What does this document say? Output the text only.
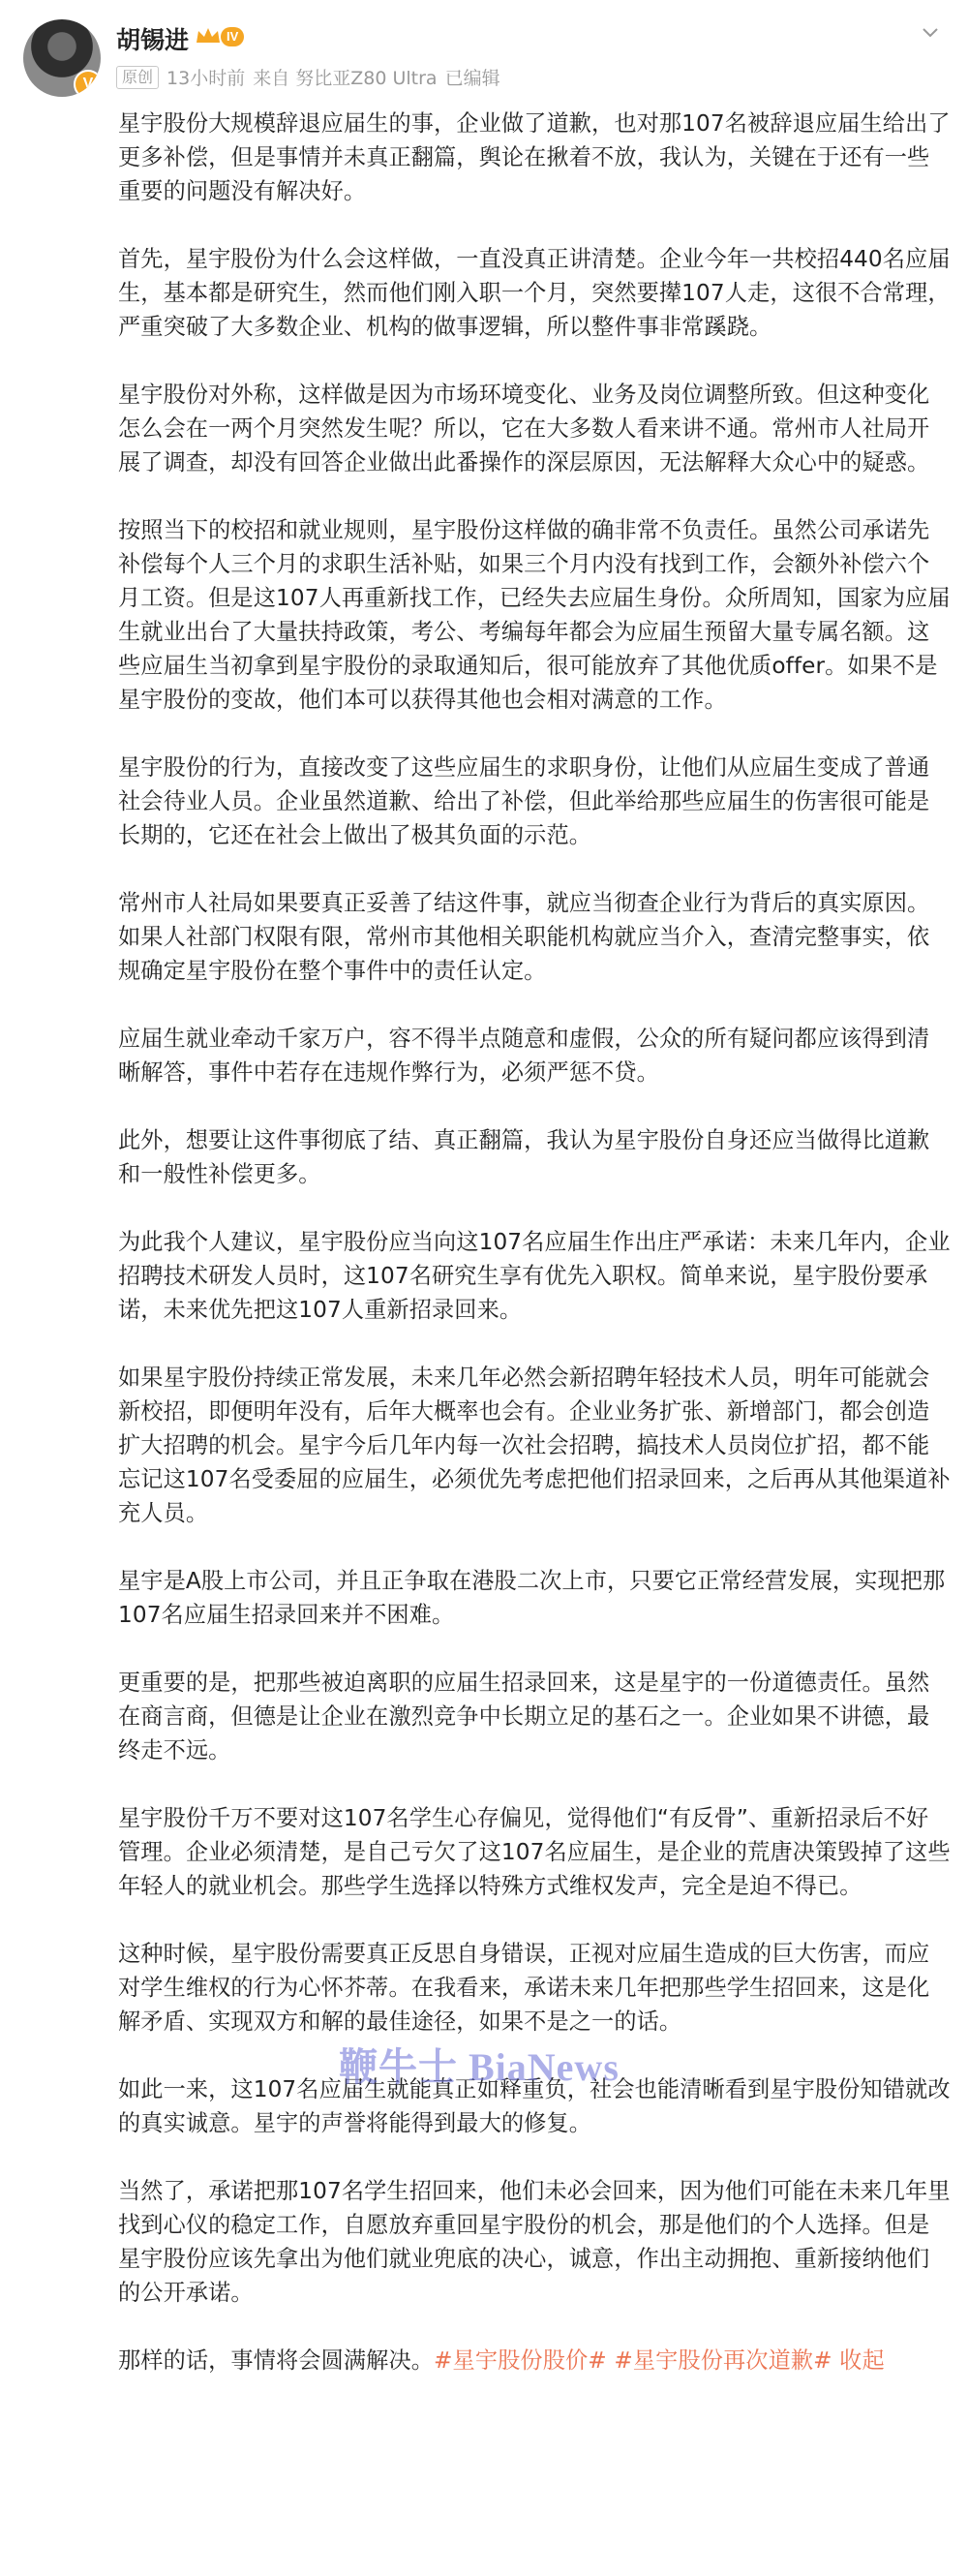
V
胡锡进	IV
原创 13小时前 来自 努比亚Z80 Ultra 已编辑

星宇股份大规模辞退应届生的事，企业做了道歉，也对那107名被辞退应届生给出了更多补偿，但是事情并未真正翻篇，舆论在揪着不放，我认为，关键在于还有一些重要的问题没有解决好。

首先，星宇股份为什么会这样做，一直没真正讲清楚。企业今年一共校招440名应届生，基本都是研究生，然而他们刚入职一个月，突然要撵107人走，这很不合常理，严重突破了大多数企业、机构的做事逻辑，所以整件事非常蹊跷。

星宇股份对外称，这样做是因为市场环境变化、业务及岗位调整所致。但这种变化怎么会在一两个月突然发生呢？所以，它在大多数人看来讲不通。常州市人社局开展了调查，却没有回答企业做出此番操作的深层原因，无法解释大众心中的疑惑。

按照当下的校招和就业规则，星宇股份这样做的确非常不负责任。虽然公司承诺先补偿每个人三个月的求职生活补贴，如果三个月内没有找到工作，会额外补偿六个月工资。但是这107人再重新找工作，已经失去应届生身份。众所周知，国家为应届生就业出台了大量扶持政策，考公、考编每年都会为应届生预留大量专属名额。这些应届生当初拿到星宇股份的录取通知后，很可能放弃了其他优质offer。如果不是星宇股份的变故，他们本可以获得其他也会相对满意的工作。

星宇股份的行为，直接改变了这些应届生的求职身份，让他们从应届生变成了普通社会待业人员。企业虽然道歉、给出了补偿，但此举给那些应届生的伤害很可能是长期的，它还在社会上做出了极其负面的示范。

常州市人社局如果要真正妥善了结这件事，就应当彻查企业行为背后的真实原因。如果人社部门权限有限，常州市其他相关职能机构就应当介入，查清完整事实，依规确定星宇股份在整个事件中的责任认定。

应届生就业牵动千家万户，容不得半点随意和虚假，公众的所有疑问都应该得到清晰解答，事件中若存在违规作弊行为，必须严惩不贷。

此外，想要让这件事彻底了结、真正翻篇，我认为星宇股份自身还应当做得比道歉和一般性补偿更多。

为此我个人建议，星宇股份应当向这107名应届生作出庄严承诺：未来几年内，企业招聘技术研发人员时，这107名研究生享有优先入职权。简单来说，星宇股份要承诺，未来优先把这107人重新招录回来。

如果星宇股份持续正常发展，未来几年必然会新招聘年轻技术人员，明年可能就会新校招，即便明年没有，后年大概率也会有。企业业务扩张、新增部门，都会创造扩大招聘的机会。星宇今后几年内每一次社会招聘，搞技术人员岗位扩招，都不能忘记这107名受委屈的应届生，必须优先考虑把他们招录回来，之后再从其他渠道补充人员。

星宇是A股上市公司，并且正争取在港股二次上市，只要它正常经营发展，实现把那107名应届生招录回来并不困难。

更重要的是，把那些被迫离职的应届生招录回来，这是星宇的一份道德责任。虽然在商言商，但德是让企业在激烈竞争中长期立足的基石之一。企业如果不讲德，最终走不远。

星宇股份千万不要对这107名学生心存偏见，觉得他们“有反骨”、重新招录后不好管理。企业必须清楚，是自己亏欠了这107名应届生，是企业的荒唐决策毁掉了这些年轻人的就业机会。那些学生选择以特殊方式维权发声，完全是迫不得已。

这种时候，星宇股份需要真正反思自身错误，正视对应届生造成的巨大伤害，而应对学生维权的行为心怀芥蒂。在我看来，承诺未来几年把那些学生招回来，这是化解矛盾、实现双方和解的最佳途径，如果不是之一的话。

如此一来，这107名应届生就能真正如释重负，社会也能清晰看到星宇股份知错就改的真实诚意。星宇的声誉将能得到最大的修复。

当然了，承诺把那107名学生招回来，他们未必会回来，因为他们可能在未来几年里找到心仪的稳定工作，自愿放弃重回星宇股份的机会，那是他们的个人选择。但是星宇股份应该先拿出为他们就业兜底的决心，诚意，作出主动拥抱、重新接纳他们的公开承诺。

那样的话，事情将会圆满解决。#星宇股份股价# #星宇股份再次道歉# 收起

鞭牛士 BiaNews
